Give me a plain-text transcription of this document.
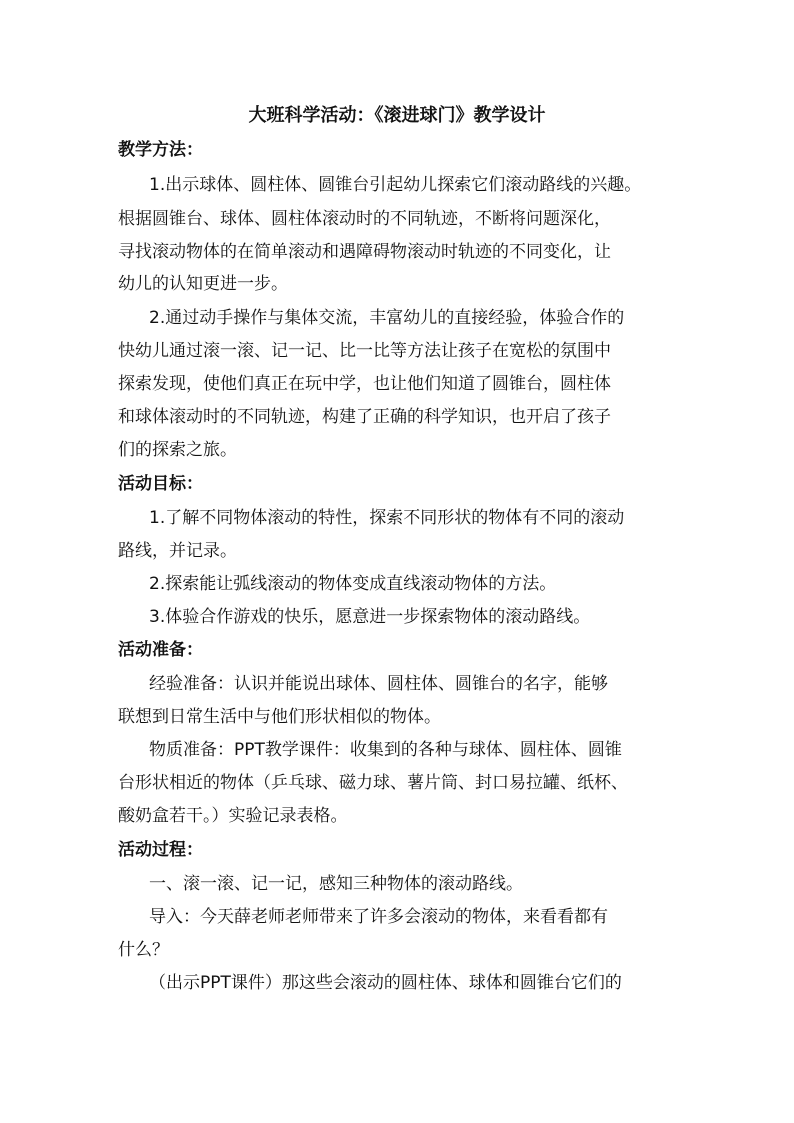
大班科学活动：《滚进球门》教学设计
教学方法：
1.出示球体、圆柱体、圆锥台引起幼儿探索它们滚动路线的兴趣。
根据圆锥台、球体、圆柱体滚动时的不同轨迹，不断将问题深化，
寻找滚动物体的在简单滚动和遇障碍物滚动时轨迹的不同变化，让
幼儿的认知更进一步。
2.通过动手操作与集体交流，丰富幼儿的直接经验，体验合作的
快幼儿通过滚一滚、记一记、比一比等方法让孩子在宽松的氛围中
探索发现，使他们真正在玩中学，也让他们知道了圆锥台，圆柱体
和球体滚动时的不同轨迹，构建了正确的科学知识，也开启了孩子
们的探索之旅。
活动目标：
1.了解不同物体滚动的特性，探索不同形状的物体有不同的滚动
路线，并记录。
2.探索能让弧线滚动的物体变成直线滚动物体的方法。
3.体验合作游戏的快乐，愿意进一步探索物体的滚动路线。
活动准备：
经验准备：认识并能说出球体、圆柱体、圆锥台的名字，能够
联想到日常生活中与他们形状相似的物体。
物质准备：PPT教学课件：收集到的各种与球体、圆柱体、圆锥
台形状相近的物体（乒乓球、磁力球、薯片筒、封口易拉罐、纸杯、
酸奶盒若干。）实验记录表格。
活动过程：
一、滚一滚、记一记，感知三种物体的滚动路线。
导入：今天薛老师老师带来了许多会滚动的物体，来看看都有
什么？
（出示PPT课件）那这些会滚动的圆柱体、球体和圆锥台它们的
